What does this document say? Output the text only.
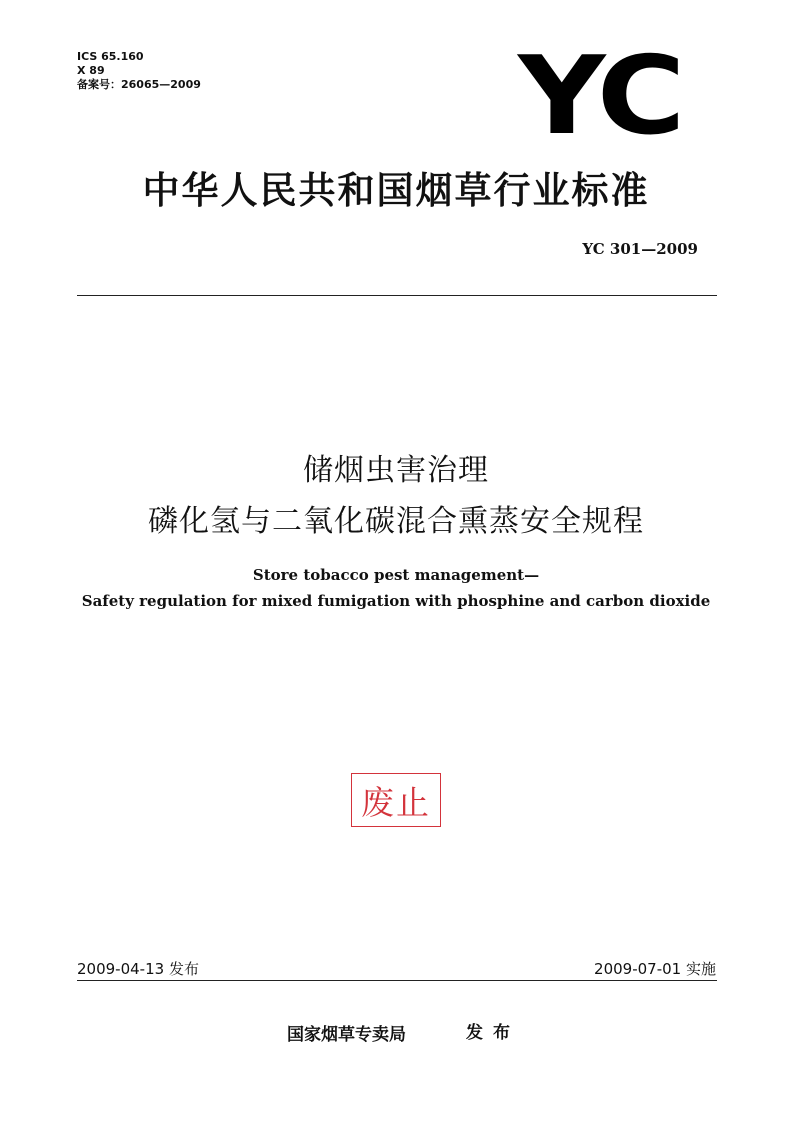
ICS 65.160
X 89
备案号：26065—2009	YC
中华人民共和国烟草行业标准
YC 301—2009
储烟虫害治理
磷化氢与二氧化碳混合熏蒸安全规程
Store tobacco pest management—
Safety regulation for mixed fumigation with phosphine and carbon dioxide
废止
2009-04-13 发布	2009-07-01 实施
国家烟草专卖局	发布
